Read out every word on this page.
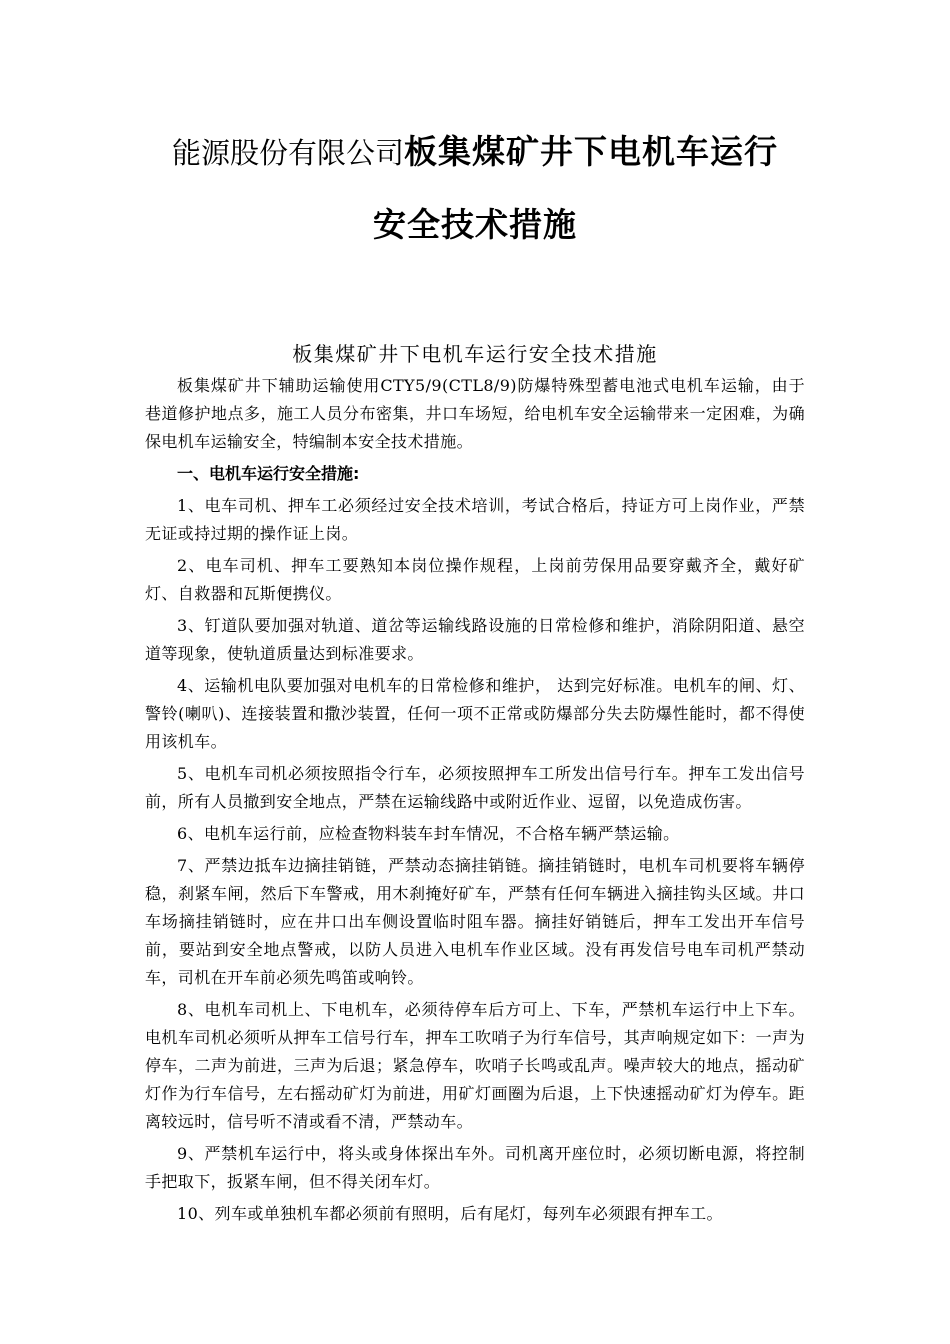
能源股份有限公司板集煤矿井下电机车运行
安全技术措施
板集煤矿井下电机车运行安全技术措施

板集煤矿井下辅助运输使用CTY5/9(CTL8/9)防爆特殊型蓄电池式电机车运输，由于巷道修护地点多，施工人员分布密集，井口车场短，给电机车安全运输带来一定困难，为确保电机车运输安全，特编制本安全技术措施。

一、电机车运行安全措施:

1、电车司机、押车工必须经过安全技术培训，考试合格后，持证方可上岗作业，严禁无证或持过期的操作证上岗。

2、电车司机、押车工要熟知本岗位操作规程，上岗前劳保用品要穿戴齐全，戴好矿灯、自救器和瓦斯便携仪。

3、钉道队要加强对轨道、道岔等运输线路设施的日常检修和维护，消除阴阳道、悬空道等现象，使轨道质量达到标准要求。

4、运输机电队要加强对电机车的日常检修和维护， 达到完好标准。电机车的闸、灯、警铃(喇叭)、连接装置和撒沙装置，任何一项不正常或防爆部分失去防爆性能时，都不得使用该机车。

5、电机车司机必须按照指令行车，必须按照押车工所发出信号行车。押车工发出信号前，所有人员撤到安全地点，严禁在运输线路中或附近作业、逗留，以免造成伤害。

6、电机车运行前，应检查物料装车封车情况，不合格车辆严禁运输。

7、严禁边抵车边摘挂销链，严禁动态摘挂销链。摘挂销链时，电机车司机要将车辆停稳，刹紧车闸，然后下车警戒，用木刹掩好矿车，严禁有任何车辆进入摘挂钩头区域。井口车场摘挂销链时，应在井口出车侧设置临时阻车器。摘挂好销链后，押车工发出开车信号前，要站到安全地点警戒，以防人员进入电机车作业区域。没有再发信号电车司机严禁动车，司机在开车前必须先鸣笛或响铃。

8、电机车司机上、下电机车，必须待停车后方可上、下车，严禁机车运行中上下车。电机车司机必须听从押车工信号行车，押车工吹哨子为行车信号，其声响规定如下：一声为停车，二声为前进，三声为后退；紧急停车，吹哨子长鸣或乱声。噪声较大的地点，摇动矿灯作为行车信号，左右摇动矿灯为前进，用矿灯画圈为后退，上下快速摇动矿灯为停车。距离较远时，信号听不清或看不清，严禁动车。

9、严禁机车运行中，将头或身体探出车外。司机离开座位时，必须切断电源，将控制手把取下，扳紧车闸，但不得关闭车灯。

10、列车或单独机车都必须前有照明，后有尾灯，每列车必须跟有押车工。
